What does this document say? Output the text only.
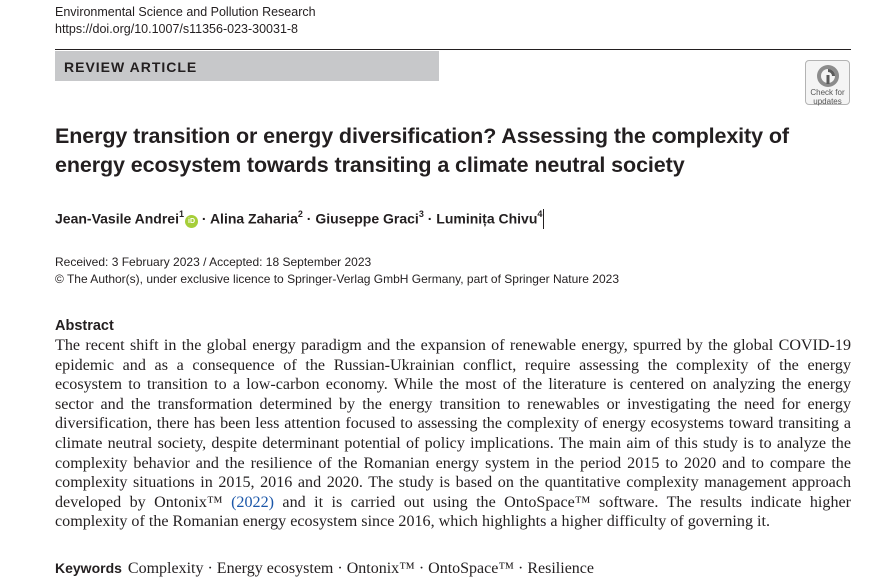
Environmental Science and Pollution Research
https://doi.org/10.1007/s11356-023-30031-8
REVIEW ARTICLE
Check for
updates
Energy transition or energy diversification? Assessing the complexity of energy ecosystem towards transiting a climate neutral society
Jean-Vasile Andrei$^1$iD · Alina Zaharia$^2$ · Giuseppe Graci$^3$ · Luminița Chivu$^4$
Received: 3 February 2023 / Accepted: 18 September 2023
© The Author(s), under exclusive licence to Springer-Verlag GmbH Germany, part of Springer Nature 2023
Abstract

The recent shift in the global energy paradigm and the expansion of renewable energy, spurred by the global COVID-19 epidemic and as a consequence of the Russian-Ukrainian conflict, require assessing the complexity of the energy ecosystem to transition to a low-carbon economy. While the most of the literature is centered on analyzing the energy sector and the transformation determined by the energy transition to renewables or investigating the need for energy diversification, there has been less attention focused to assessing the complexity of energy ecosystems toward transiting a climate neutral society, despite determinant potential of policy implications. The main aim of this study is to analyze the complexity behavior and the resilience of the Romanian energy system in the period 2015 to 2020 and to compare the complexity situations in 2015, 2016 and 2020. The study is based on the quantitative complexity management approach developed by Ontonix™ (2022) and it is carried out using the OntoSpace™ software. The results indicate higher complexity of the Romanian energy ecosystem since 2016, which highlights a higher difficulty of governing it.

Keywords Complexity · Energy ecosystem · Ontonix™ · OntoSpace™ · Resilience
